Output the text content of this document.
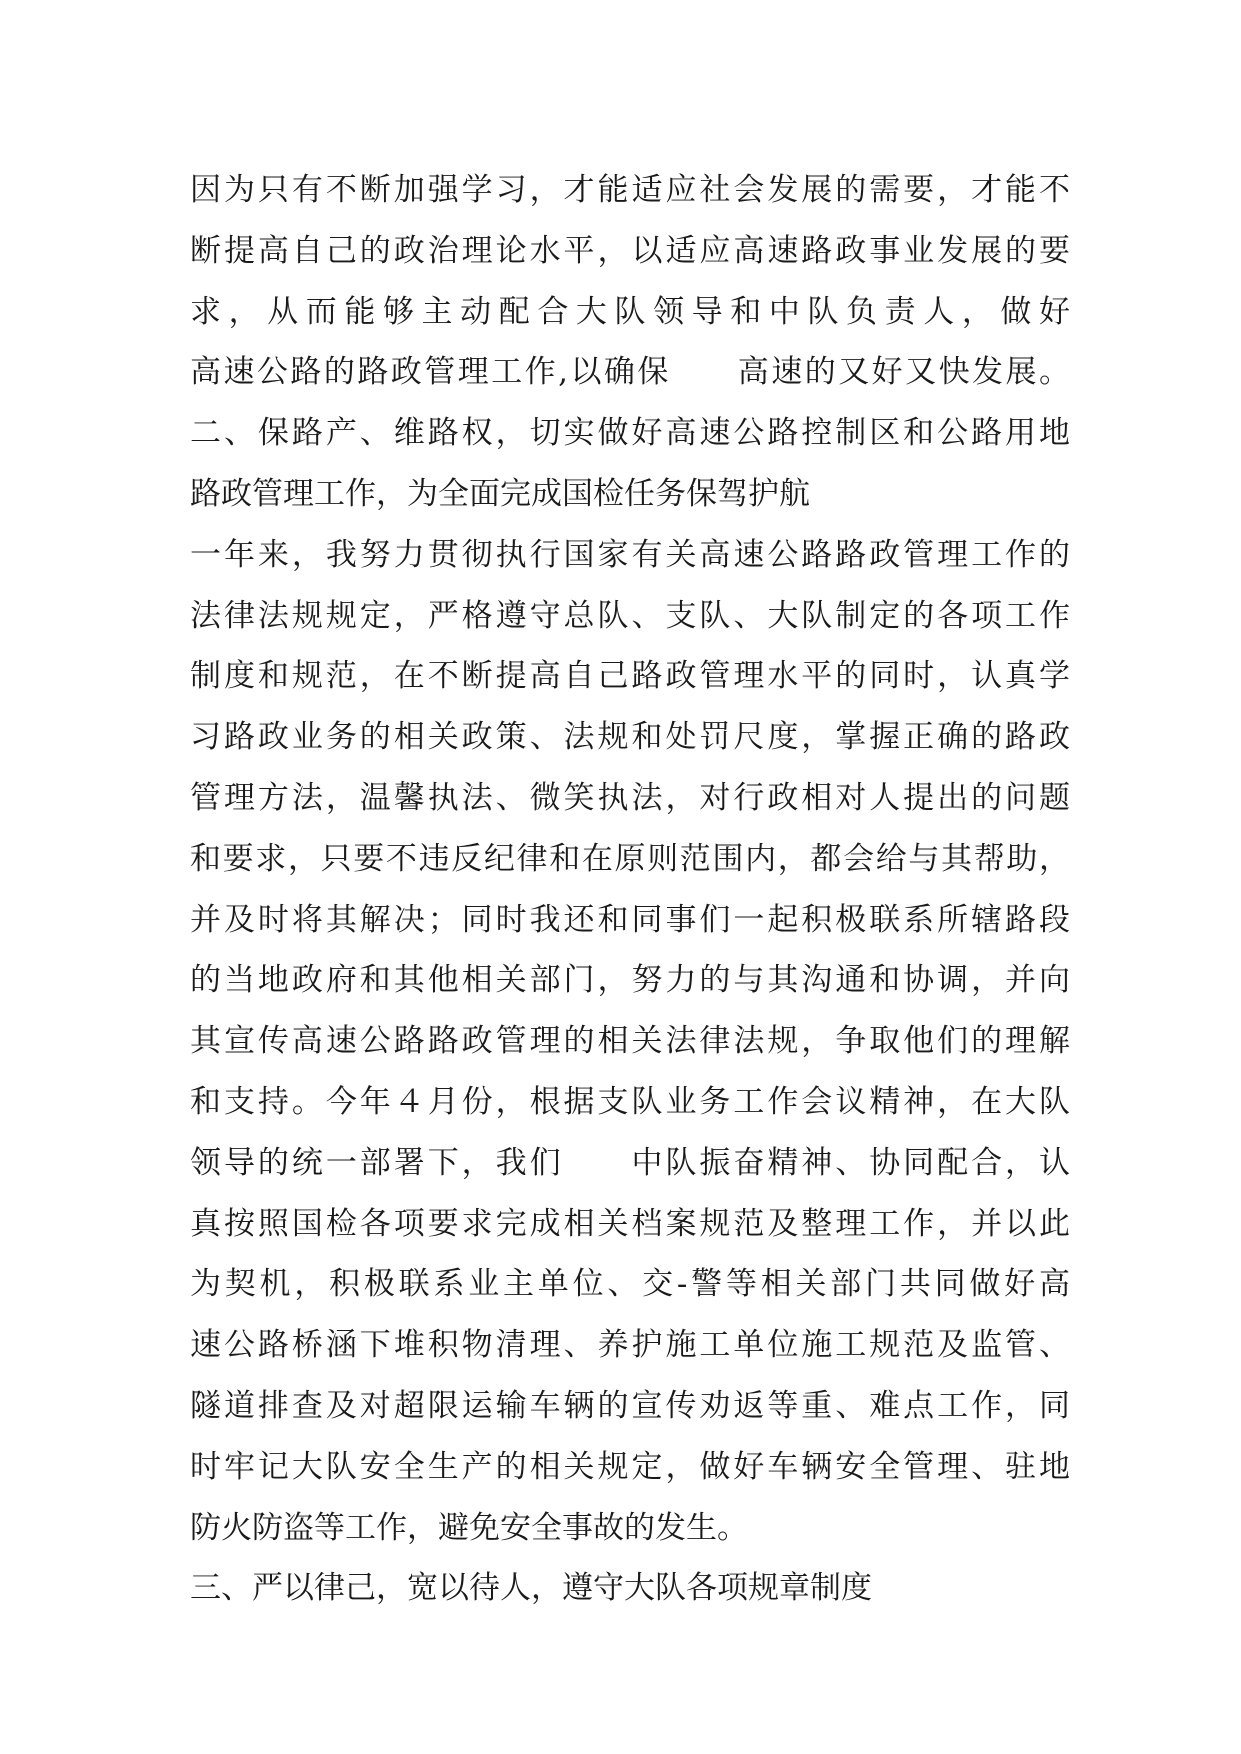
因为只有不断加强学习，才能适应社会发展的需要，才能不

断提高自己的政治理论水平，以适应高速路政事业发展的要

求，从而能够主动配合大队领导和中队负责人，做好

高速公路的路政管理工作,以确保　　高速的又好又快发展。

二、保路产、维路权，切实做好高速公路控制区和公路用地

路政管理工作，为全面完成国检任务保驾护航

一年来，我努力贯彻执行国家有关高速公路路政管理工作的

法律法规规定，严格遵守总队、支队、大队制定的各项工作

制度和规范，在不断提高自己路政管理水平的同时，认真学

习路政业务的相关政策、法规和处罚尺度，掌握正确的路政

管理方法，温馨执法、微笑执法，对行政相对人提出的问题

和要求，只要不违反纪律和在原则范围内，都会给与其帮助，

并及时将其解决；同时我还和同事们一起积极联系所辖路段

的当地政府和其他相关部门，努力的与其沟通和协调，并向

其宣传高速公路路政管理的相关法律法规，争取他们的理解

和支持。今年４月份，根据支队业务工作会议精神，在大队

领导的统一部署下，我们　　中队振奋精神、协同配合，认

真按照国检各项要求完成相关档案规范及整理工作，并以此

为契机，积极联系业主单位、交-警等相关部门共同做好高

速公路桥涵下堆积物清理、养护施工单位施工规范及监管、

隧道排查及对超限运输车辆的宣传劝返等重、难点工作，同

时牢记大队安全生产的相关规定，做好车辆安全管理、驻地

防火防盗等工作，避免安全事故的发生。

三、严以律己，宽以待人，遵守大队各项规章制度
